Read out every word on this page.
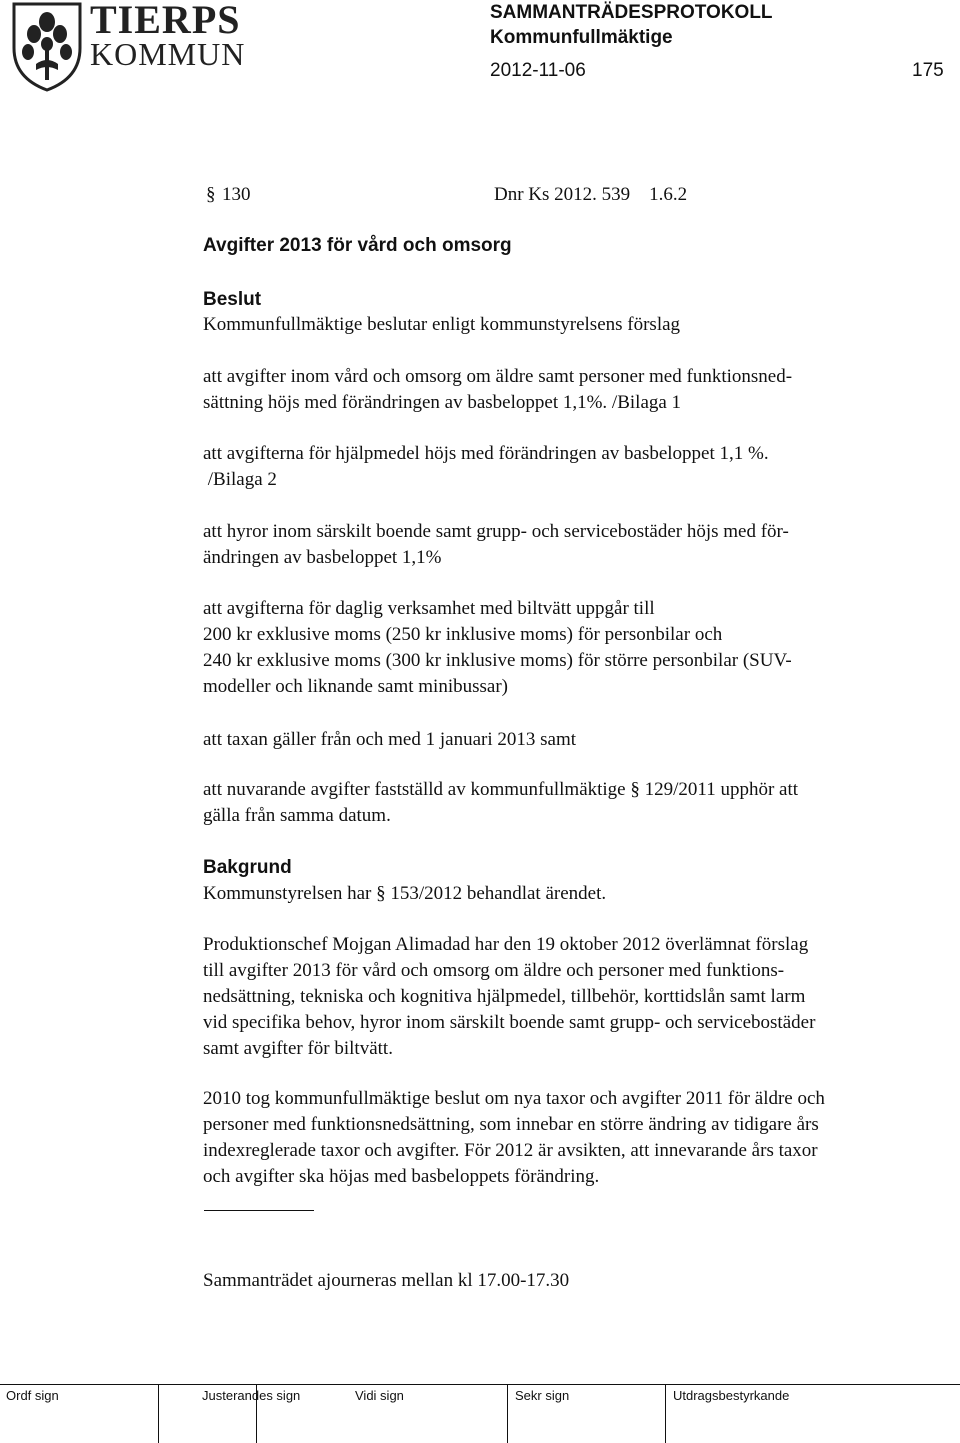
TIERPS
KOMMUN
SAMMANTRÄDESPROTOKOLL
Kommunfullmäktige
2012-11-06	175
§ 130	Dnr Ks 2012. 539    1.6.2
Avgifter 2013 för vård och omsorg
Beslut
Kommunfullmäktige beslutar enligt kommunstyrelsens förslag
att avgifter inom vård och omsorg om äldre samt personer med funktionsned-
sättning höjs med förändringen av basbeloppet 1,1%. /Bilaga 1
att avgifterna för hjälpmedel höjs med förändringen av basbeloppet 1,1 %.
/Bilaga 2
att hyror inom särskilt boende samt grupp- och servicebostäder höjs med för-
ändringen av basbeloppet 1,1%
att avgifterna för daglig verksamhet med biltvätt uppgår till
200 kr exklusive moms (250 kr inklusive moms) för personbilar och
240 kr exklusive moms (300 kr inklusive moms) för större personbilar (SUV-
modeller och liknande samt minibussar)
att taxan gäller från och med 1 januari 2013 samt
att nuvarande avgifter fastställd av kommunfullmäktige § 129/2011 upphör att
gälla från samma datum.
Bakgrund
Kommunstyrelsen har § 153/2012 behandlat ärendet.
Produktionschef Mojgan Alimadad har den 19 oktober 2012 överlämnat förslag
till avgifter 2013 för vård och omsorg om äldre och personer med funktions-
nedsättning, tekniska och kognitiva hjälpmedel, tillbehör, korttidslån samt larm
vid specifika behov, hyror inom särskilt boende samt grupp- och servicebostäder
samt avgifter för biltvätt.
2010 tog kommunfullmäktige beslut om nya taxor och avgifter 2011 för äldre och
personer med funktionsnedsättning, som innebar en större ändring av tidigare års
indexreglerade taxor och avgifter. För 2012 är avsikten, att innevarande års taxor
och avgifter ska höjas med basbeloppets förändring.
Sammanträdet ajourneras mellan kl 17.00-17.30
Ordf sign	Justerandes sign	Vidi sign	Sekr sign	Utdragsbestyrkande
